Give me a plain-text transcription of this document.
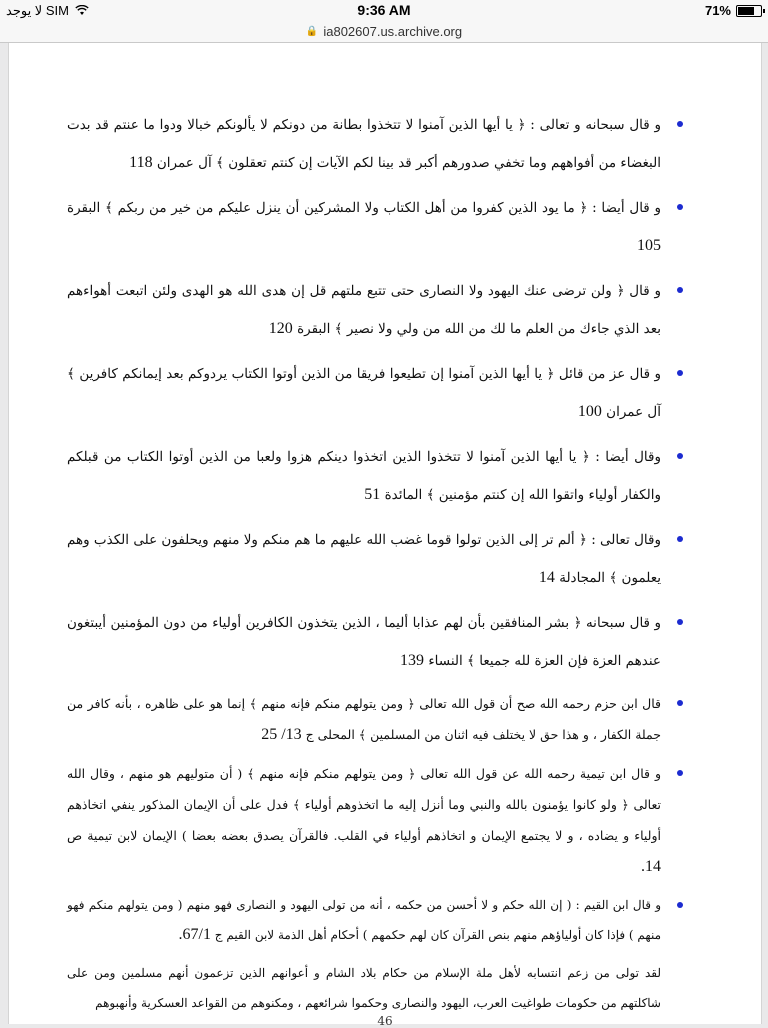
لا يوجد SIM	9:36 AM	71%
🔒 ia802607.us.archive.org
و قال سبحانه و تعالى : ﴿ يا أيها الذين آمنوا لا تتخذوا بطانة من دونكم لا يألونكم خبالا ودوا ما عنتم قد بدت البغضاء من أفواههم وما تخفي صدورهم أكبر قد بينا لكم الآيات إن كنتم تعقلون ﴾ آل عمران 118
و قال أيضا : ﴿ ما يود الذين كفروا من أهل الكتاب ولا المشركين أن ينزل عليكم من خير من ربكم ﴾ البقرة 105
و قال ﴿ ولن ترضى عنك اليهود ولا النصارى حتى تتبع ملتهم قل إن هدى الله هو الهدى ولئن اتبعت أهواءهم بعد الذي جاءك من العلم ما لك من الله من ولي ولا نصير ﴾ البقرة 120
و قال عز من قائل ﴿ يا أيها الذين آمنوا إن تطيعوا فريقا من الذين أوتوا الكتاب يردوكم بعد إيمانكم كافرين ﴾ آل عمران 100
وقال أيضا : ﴿ يا أيها الذين آمنوا لا تتخذوا الذين اتخذوا دينكم هزوا ولعبا من الذين أوتوا الكتاب من قبلكم والكفار أولياء واتقوا الله إن كنتم مؤمنين ﴾ المائدة 51
وقال تعالى : ﴿ ألم تر إلى الذين تولوا قوما غضب الله عليهم ما هم منكم ولا منهم ويحلفون على الكذب وهم يعلمون ﴾ المجادلة 14
و قال سبحانه ﴿ بشر المنافقين بأن لهم عذابا أليما ، الذين يتخذون الكافرين أولياء من دون المؤمنين أيبتغون عندهم العزة فإن العزة لله جميعا ﴾ النساء 139
قال ابن حزم رحمه الله صح أن قول الله تعالى ﴿ ومن يتولهم منكم فإنه منهم ﴾ إنما هو على ظاهره ، بأنه كافر من جملة الكفار ، و هذا حق لا يختلف فيه اثنان من المسلمين ﴾ المحلى ج 13/ 25
و قال ابن تيمية رحمه الله عن قول الله تعالى ﴿ ومن يتولهم منكم فإنه منهم ﴾ ( أن متوليهم هو منهم ، وقال الله تعالى ﴿ ولو كانوا يؤمنون بالله والنبي وما أنزل إليه ما اتخذوهم أولياء ﴾ فدل على أن الإيمان المذكور ينفي اتخاذهم أولياء و يضاده ، و لا يجتمع الإيمان و اتخاذهم أولياء في القلب. فالقرآن يصدق بعضه بعضا ) الإيمان لابن تيمية ص 14.
و قال ابن القيم : ( إن الله حكم و لا أحسن من حكمه ، أنه من تولى اليهود و النصارى فهو منهم ( ومن يتولهم منكم فهو منهم ) فإذا كان أولياؤهم منهم بنص القرآن كان لهم حكمهم ) أحكام أهل الذمة لابن القيم ج 67/1.
لقد تولى من زعم انتسابه لأهل ملة الإسلام من حكام بلاد الشام و أعوانهم الذين تزعمون أنهم مسلمين ومن على شاكلتهم من حكومات طواغيت العرب، اليهود والنصارى وحكموا شرائعهم ، ومكنوهم من القواعد العسكرية وأنهبوهم
46
